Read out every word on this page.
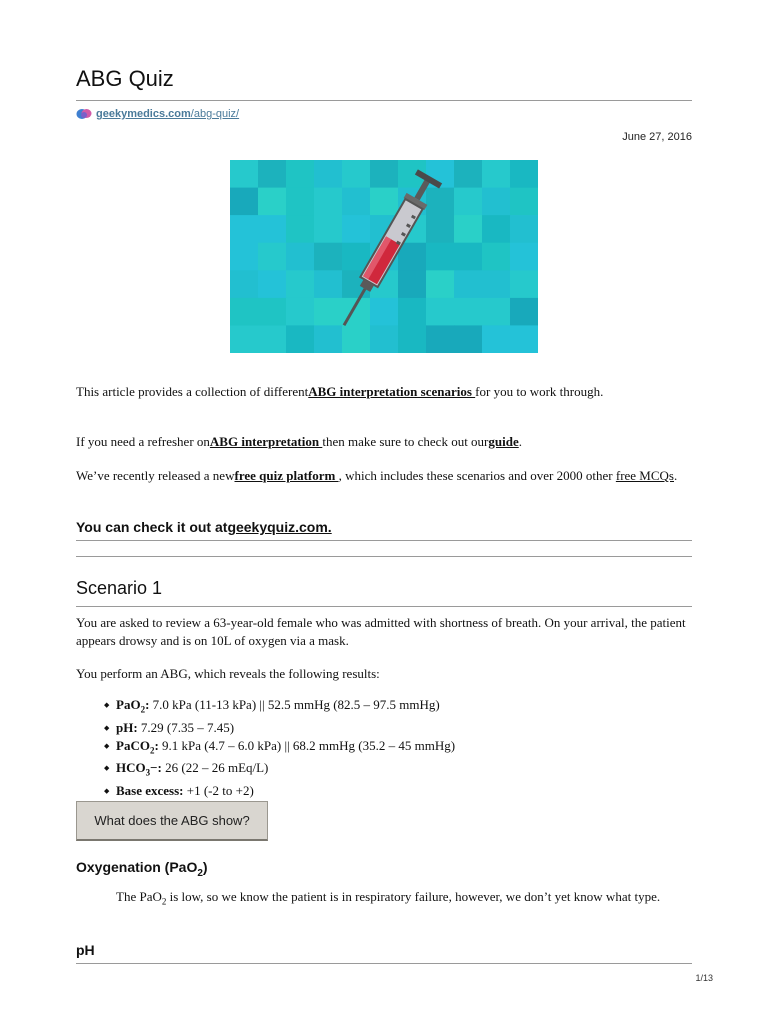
ABG Quiz
geekymedics.com/abg-quiz/
June 27, 2016

This article provides a collection of differentABG interpretation scenarios for you to work through.

If you need a refresher onABG interpretation then make sure to check out ourguide.

We’ve recently released a newfree quiz platform , which includes these scenarios and over 2000 other free MCQs.

You can check it out atgeekyquiz.com.
Scenario 1

You are asked to review a 63-year-old female who was admitted with shortness of breath. On your arrival, the patient appears drowsy and is on 10L of oxygen via a mask.

You perform an ABG, which reveals the following results:

◆ PaO$_2$: 7.0 kPa (11-13 kPa) || 52.5 mmHg (82.5 – 97.5 mmHg)
◆ pH: 7.29 (7.35 – 7.45)
◆ PaCO$_2$: 9.1 kPa (4.7 – 6.0 kPa) || 68.2 mmHg (35.2 – 45 mmHg)
◆ $HCO_3-$: 26 (22 – 26 mEq/L)
◆ Base excess: +1 (-2 to +2)
What does the ABG show?
Oxygenation (PaO$_2$)

The PaO$_2$ is low, so we know the patient is in respiratory failure, however, we don’t yet know what type.

pH
1/13
